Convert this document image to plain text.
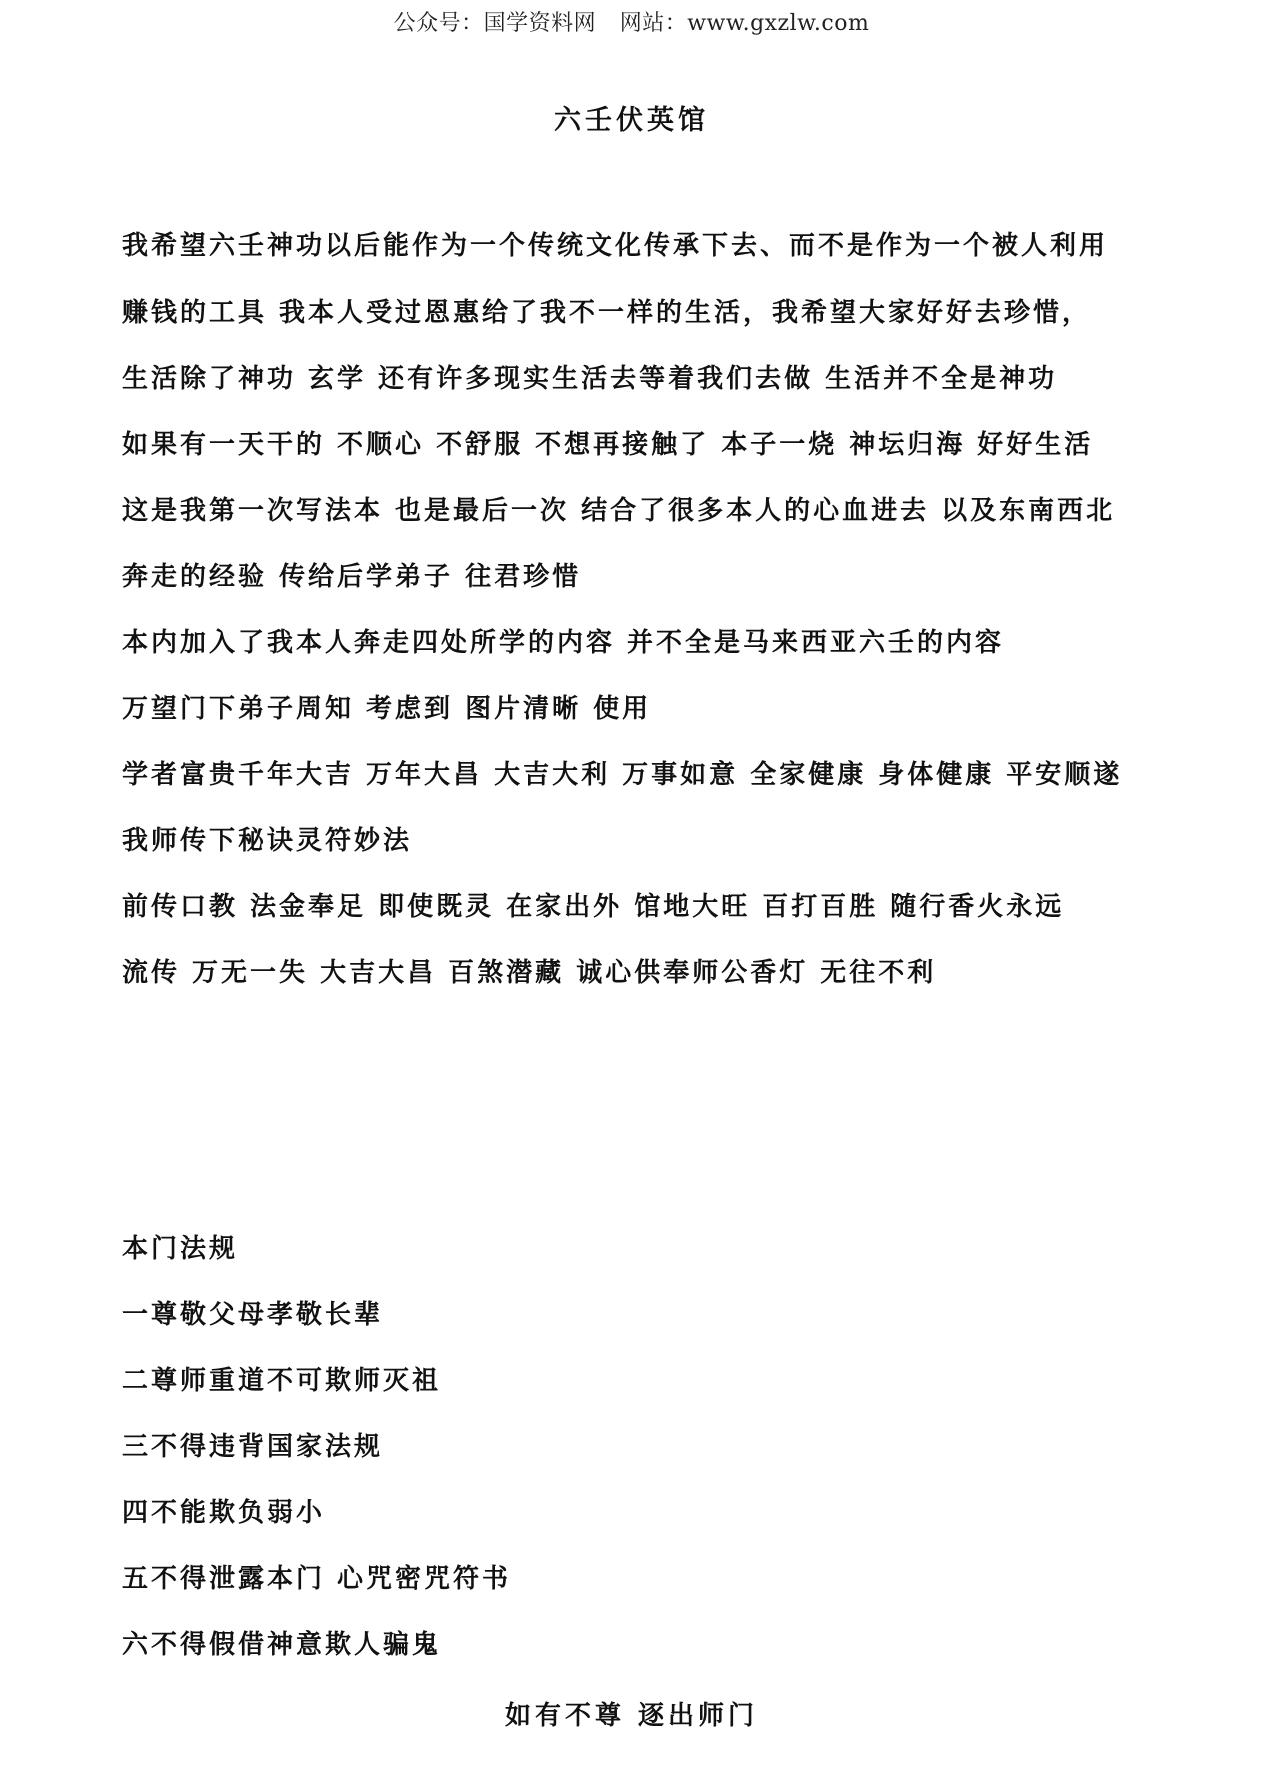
公众号：国学资料网 网站：www.gxzlw.com
六壬伏英馆
我希望六壬神功以后能作为一个传统文化传承下去、而不是作为一个被人利用
赚钱的工具 我本人受过恩惠给了我不一样的生活，我希望大家好好去珍惜，
生活除了神功 玄学 还有许多现实生活去等着我们去做 生活并不全是神功
如果有一天干的 不顺心 不舒服 不想再接触了 本子一烧 神坛归海 好好生活
这是我第一次写法本 也是最后一次 结合了很多本人的心血进去 以及东南西北
奔走的经验 传给后学弟子 往君珍惜
本内加入了我本人奔走四处所学的内容 并不全是马来西亚六壬的内容
万望门下弟子周知 考虑到 图片清晰 使用
学者富贵千年大吉 万年大昌 大吉大利 万事如意 全家健康 身体健康 平安顺遂
我师传下秘诀灵符妙法
前传口教 法金奉足 即使既灵 在家出外 馆地大旺 百打百胜 随行香火永远
流传 万无一失 大吉大昌 百煞潜藏 诚心供奉师公香灯 无往不利
本门法规
一尊敬父母孝敬长辈
二尊师重道不可欺师灭祖
三不得违背国家法规
四不能欺负弱小
五不得泄露本门 心咒密咒符书
六不得假借神意欺人骗鬼
如有不尊 逐出师门
